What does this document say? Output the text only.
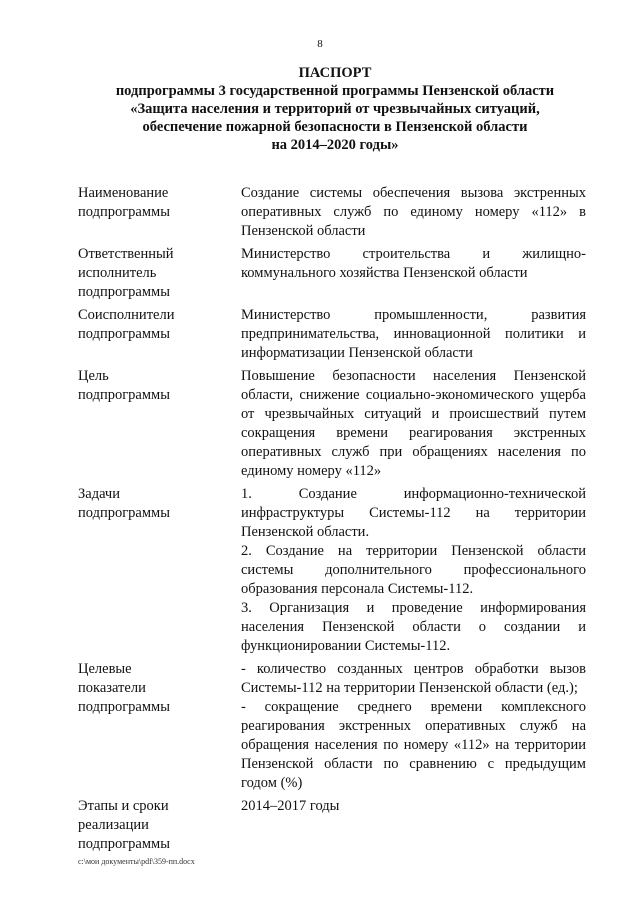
8
ПАСПОРТ
подпрограммы 3 государственной программы Пензенской области
«Защита населения и территорий от чрезвычайных ситуаций,
обеспечение пожарной безопасности в Пензенской области
на 2014–2020 годы»
Наименование
подпрограммы

Создание системы обеспечения вызова экстренных оперативных служб по единому номеру «112» в Пензенской области

Ответственный
исполнитель
подпрограммы

Министерство строительства и жилищно-коммунального хозяйства Пензенской области

Соисполнители
подпрограммы

Министерство промышленности, развития предпринимательства, инновационной политики и информатизации Пензенской области

Цель
подпрограммы

Повышение безопасности населения Пензенской области, снижение социально-экономического ущерба от чрезвычайных ситуаций и происшествий путем сокращения времени реагирования экстренных оперативных служб при обращениях населения по единому номеру «112»

Задачи
подпрограммы

1. Создание информационно-технической инфраструктуры Системы-112 на территории Пензенской области.

2. Создание на территории Пензенской области системы дополнительного профессионального образования персонала Системы-112.

3. Организация и проведение информирования населения Пензенской области о создании и функционировании Системы-112.

Целевые
показатели
подпрограммы

- количество созданных центров обработки вызов Системы-112 на территории Пензенской области (ед.);

- сокращение среднего времени комплексного реагирования экстренных оперативных служб на обращения населения по номеру «112» на территории Пензенской области по сравнению с предыдущим годом (%)

Этапы и сроки
реализации
подпрограммы

2014–2017 годы

c:\мои документы\pdf\359-пп.docx
